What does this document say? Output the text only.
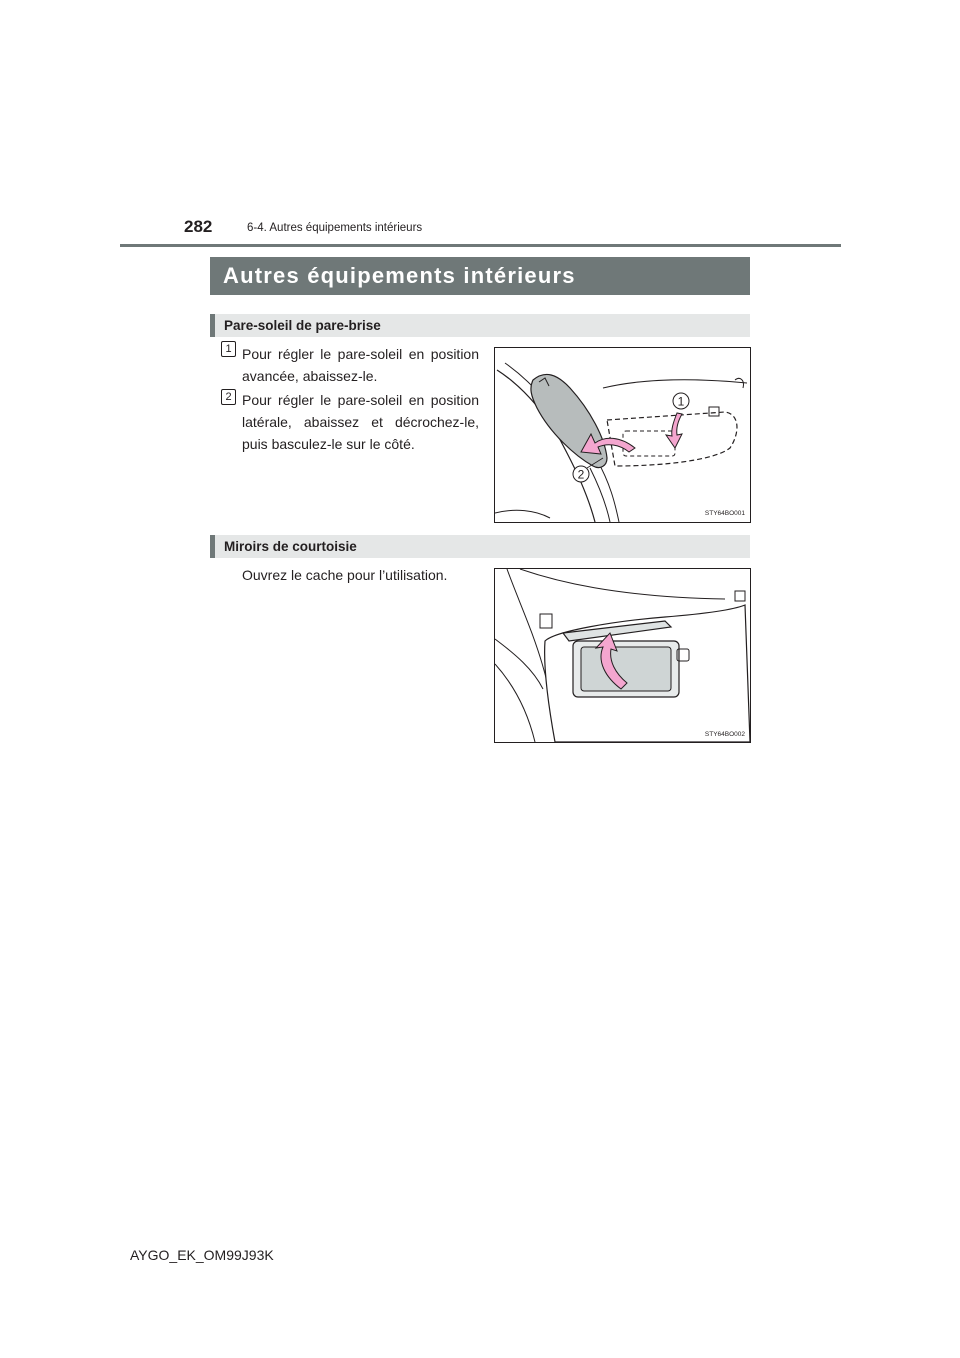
282	6-4. Autres équipements intérieurs
Autres équipements intérieurs
Pare-soleil de pare-brise
1 Pour régler le pare-soleil en position avancée, abaissez-le.
2 Pour régler le pare-soleil en position latérale, abaissez et décrochez-le, puis basculez-le sur le côté.
1
2
STY64BO001
Miroirs de courtoisie
Ouvrez le cache pour l’utilisation.
STY64BO002
AYGO_EK_OM99J93K
